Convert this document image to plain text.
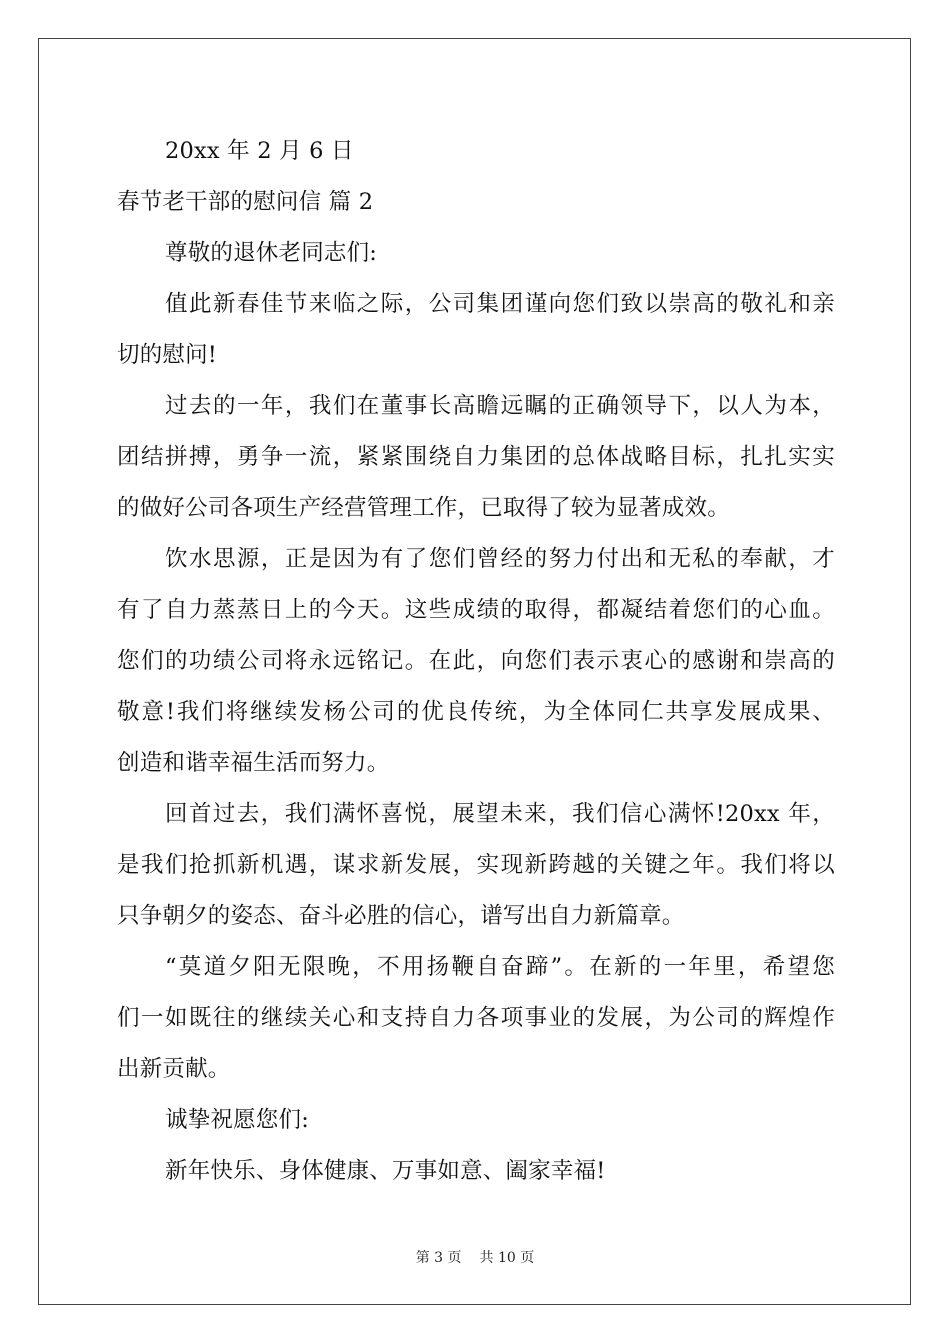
20xx 年 2 月 6 日
春节老干部的慰问信 篇 2
尊敬的退休老同志们:
值此新春佳节来临之际，公司集团谨向您们致以崇高的敬礼和亲
切的慰问!
过去的一年，我们在董事长高瞻远瞩的正确领导下，以人为本，
团结拼搏，勇争一流，紧紧围绕自力集团的总体战略目标，扎扎实实
的做好公司各项生产经营管理工作，已取得了较为显著成效。
饮水思源，正是因为有了您们曾经的努力付出和无私的奉献，才
有了自力蒸蒸日上的今天。这些成绩的取得，都凝结着您们的心血。
您们的功绩公司将永远铭记。在此，向您们表示衷心的感谢和崇高的
敬意!我们将继续发杨公司的优良传统，为全体同仁共享发展成果、
创造和谐幸福生活而努力。
回首过去，我们满怀喜悦，展望未来，我们信心满怀!20xx 年，
是我们抢抓新机遇，谋求新发展，实现新跨越的关键之年。我们将以
只争朝夕的姿态、奋斗必胜的信心，谱写出自力新篇章。
“莫道夕阳无限晚，不用扬鞭自奋蹄”。在新的一年里，希望您
们一如既往的继续关心和支持自力各项事业的发展，为公司的辉煌作
出新贡献。
诚挚祝愿您们:
新年快乐、身体健康、万事如意、阖家幸福!
第 3 页 共 10 页
